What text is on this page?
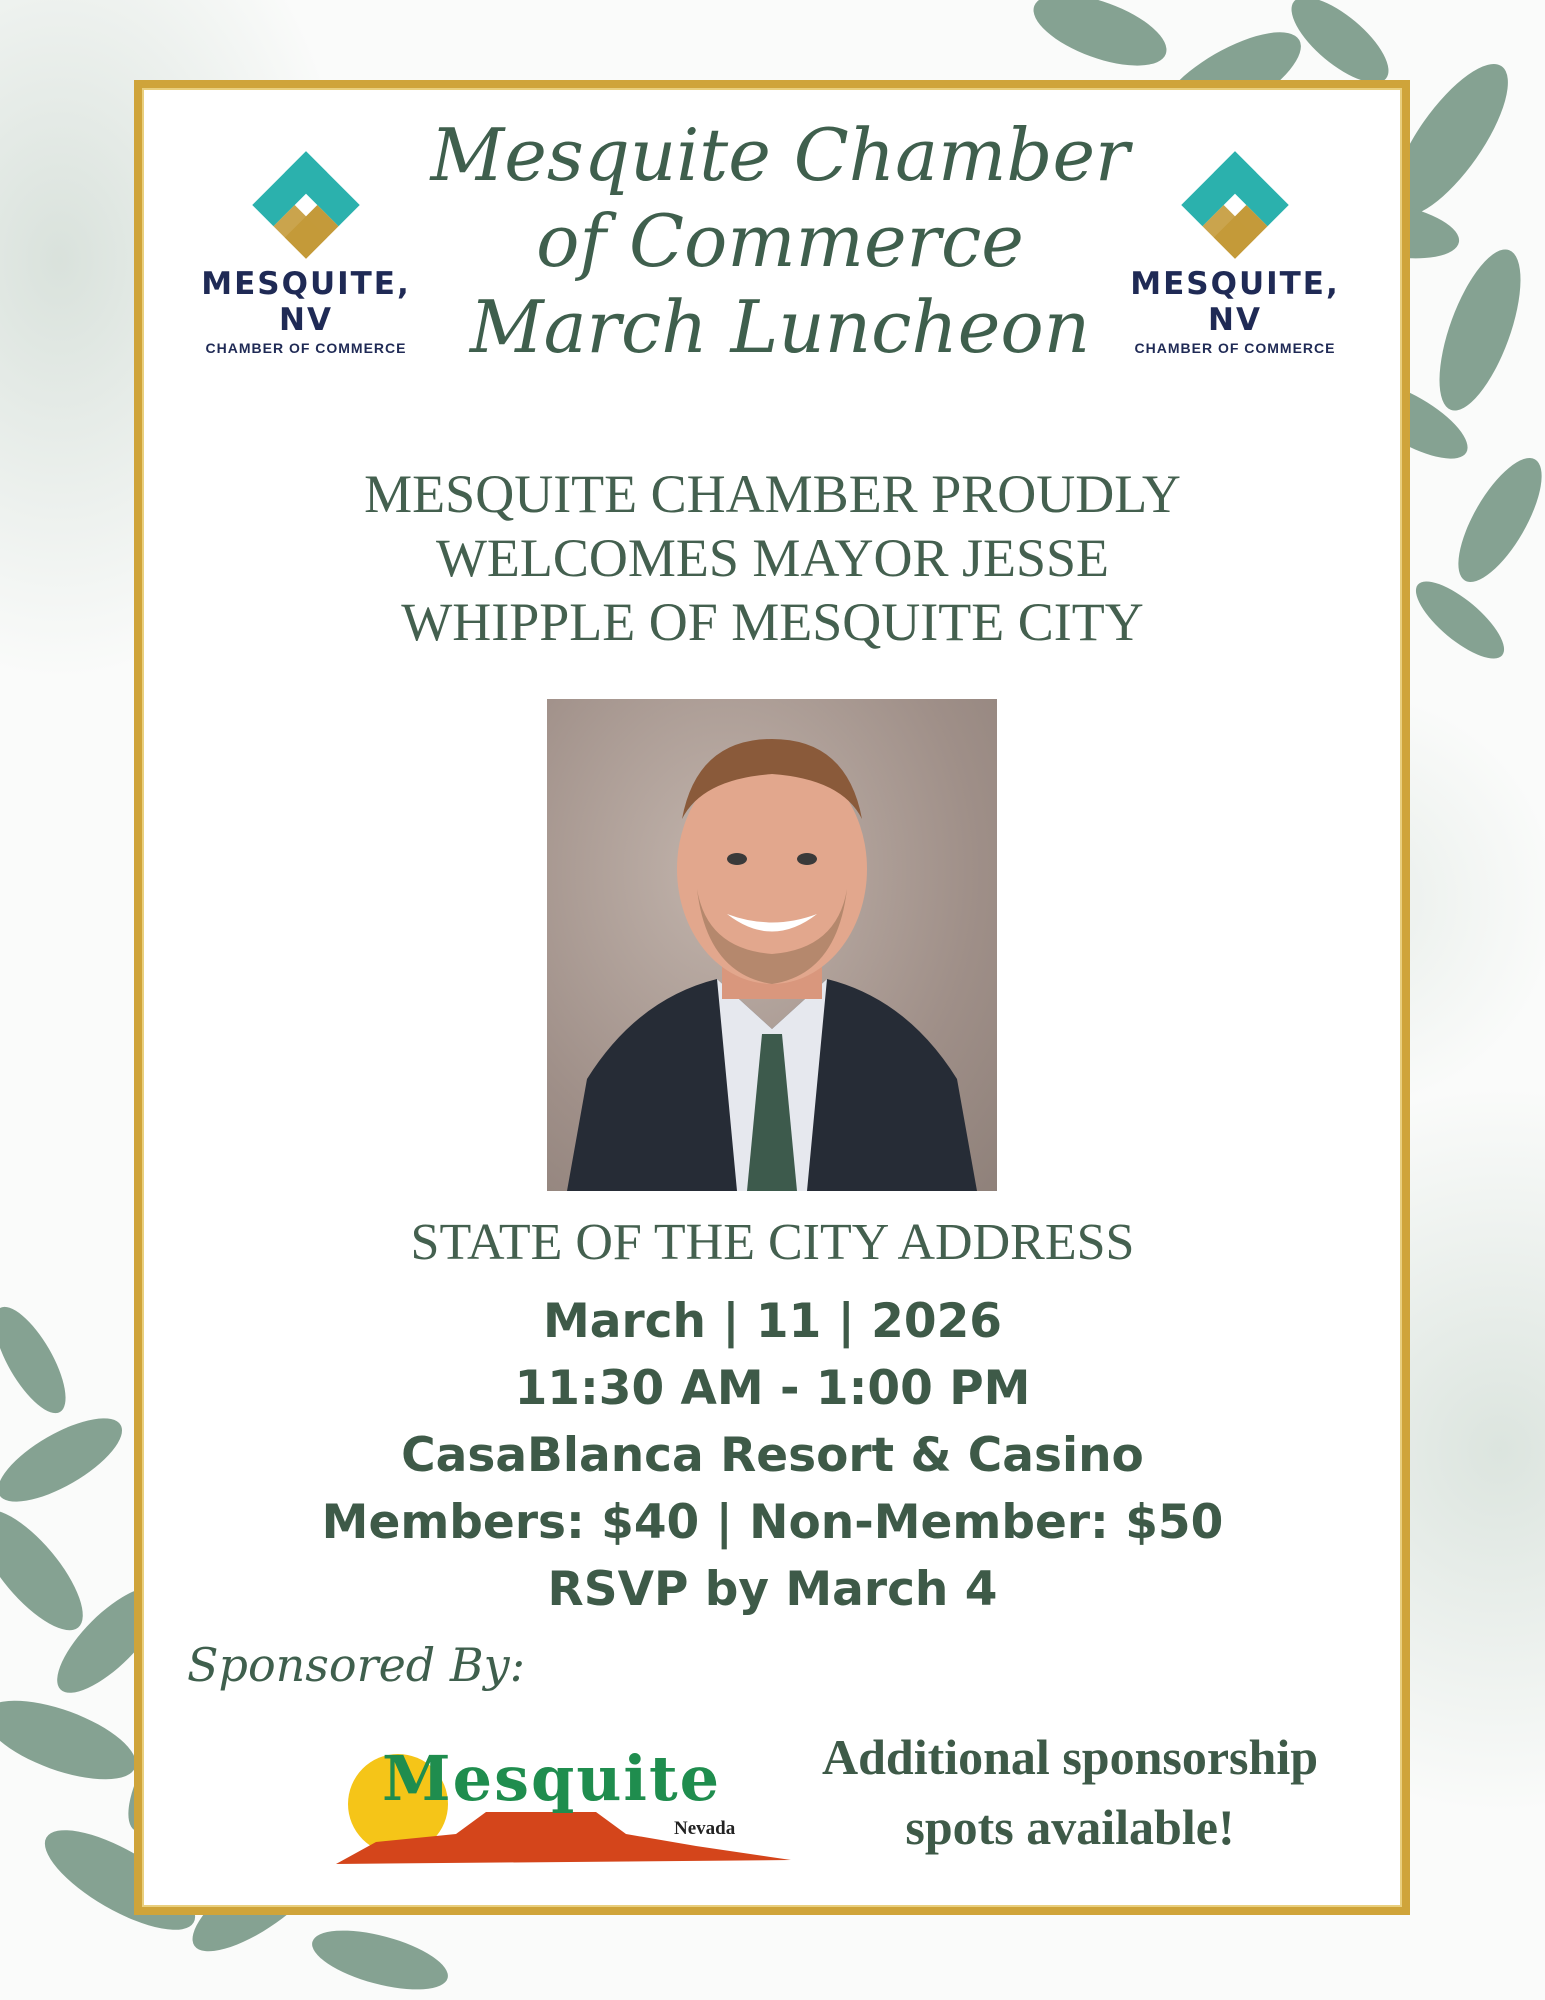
MESQUITE, NV
CHAMBER OF COMMERCE
MESQUITE, NV
CHAMBER OF COMMERCE
Mesquite Chamber
of Commerce
March Luncheon
MESQUITE CHAMBER PROUDLY
WELCOMES MAYOR JESSE
WHIPPLE OF MESQUITE CITY
STATE OF THE CITY ADDRESS
March | 11 | 2026
11:30 AM - 1:00 PM
CasaBlanca Resort & Casino
Members: $40 | Non-Member: $50
RSVP by March 4
Sponsored By:
Mesquite
Nevada
Additional sponsorship
spots available!
